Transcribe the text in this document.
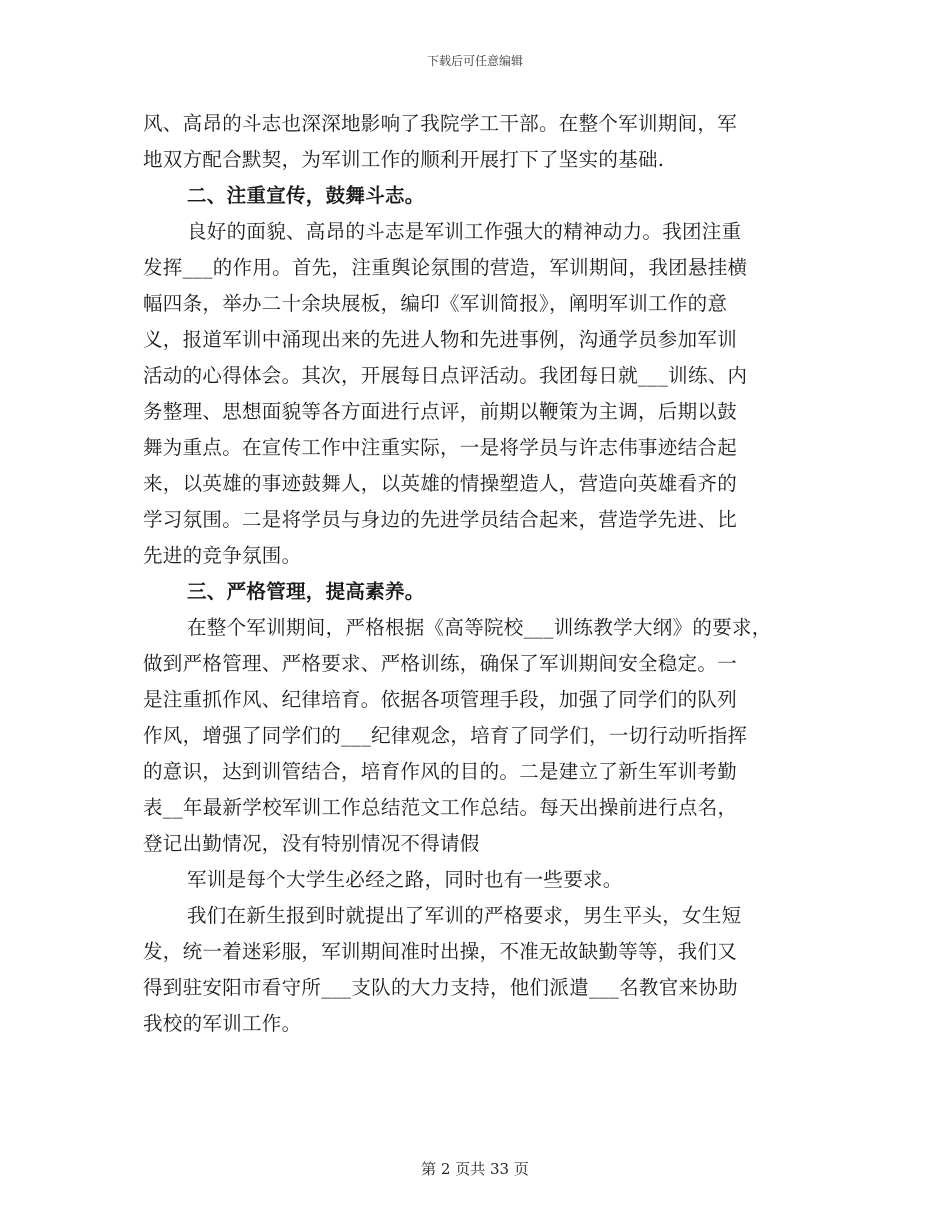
下载后可任意编辑
风、高昂的斗志也深深地影响了我院学工干部。在整个军训期间，军
地双方配合默契，为军训工作的顺利开展打下了坚实的基础.
二、注重宣传，鼓舞斗志。
良好的面貌、高昂的斗志是军训工作强大的精神动力。我团注重
发挥___的作用。首先，注重舆论氛围的营造，军训期间，我团悬挂横
幅四条，举办二十余块展板，编印《军训简报》，阐明军训工作的意
义，报道军训中涌现出来的先进人物和先进事例，沟通学员参加军训
活动的心得体会。其次，开展每日点评活动。我团每日就___训练、内
务整理、思想面貌等各方面进行点评，前期以鞭策为主调，后期以鼓
舞为重点。在宣传工作中注重实际，一是将学员与许志伟事迹结合起
来，以英雄的事迹鼓舞人，以英雄的情操塑造人，营造向英雄看齐的
学习氛围。二是将学员与身边的先进学员结合起来，营造学先进、比
先进的竞争氛围。
三、严格管理，提高素养。
在整个军训期间，严格根据《高等院校___训练教学大纲》的要求，
做到严格管理、严格要求、严格训练，确保了军训期间安全稳定。一
是注重抓作风、纪律培育。依据各项管理手段，加强了同学们的队列
作风，增强了同学们的___纪律观念，培育了同学们，一切行动听指挥
的意识，达到训管结合，培育作风的目的。二是建立了新生军训考勤
表__年最新学校军训工作总结范文工作总结。每天出操前进行点名，
登记出勤情况，没有特别情况不得请假
军训是每个大学生必经之路，同时也有一些要求。
我们在新生报到时就提出了军训的严格要求，男生平头，女生短
发，统一着迷彩服，军训期间准时出操，不准无故缺勤等等，我们又
得到驻安阳市看守所___支队的大力支持，他们派遣___名教官来协助
我校的军训工作。
第 2 页共 33 页
